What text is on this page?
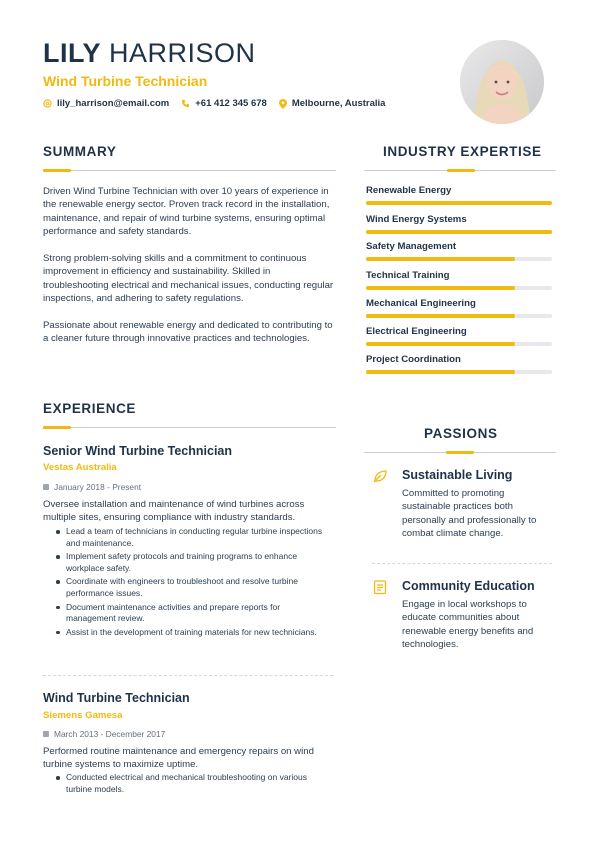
LILY HARRISON
Wind Turbine Technician
lily_harrison@email.com	+61 412 345 678	Melbourne, Australia
SUMMARY
Driven Wind Turbine Technician with over 10 years of experience in the renewable energy sector. Proven track record in the installation, maintenance, and repair of wind turbine systems, ensuring optimal performance and safety standards.
Strong problem-solving skills and a commitment to continuous improvement in efficiency and sustainability. Skilled in troubleshooting electrical and mechanical issues, conducting regular inspections, and adhering to safety regulations.
Passionate about renewable energy and dedicated to contributing to a cleaner future through innovative practices and technologies.
INDUSTRY EXPERTISE
Renewable Energy
Wind Energy Systems
Safety Management
Technical Training
Mechanical Engineering
Electrical Engineering
Project Coordination
EXPERIENCE
Senior Wind Turbine Technician
Vestas Australia
January 2018 - Present
Oversee installation and maintenance of wind turbines across multiple sites, ensuring compliance with industry standards.
Lead a team of technicians in conducting regular turbine inspections and maintenance.
Implement safety protocols and training programs to enhance workplace safety.
Coordinate with engineers to troubleshoot and resolve turbine performance issues.
Document maintenance activities and prepare reports for management review.
Assist in the development of training materials for new technicians.
Wind Turbine Technician
Siemens Gamesa
March 2013 - December 2017
Performed routine maintenance and emergency repairs on wind turbine systems to maximize uptime.
Conducted electrical and mechanical troubleshooting on various turbine models.
PASSIONS
Sustainable Living
Committed to promoting sustainable practices both personally and professionally to combat climate change.
Community Education
Engage in local workshops to educate communities about renewable energy benefits and technologies.
